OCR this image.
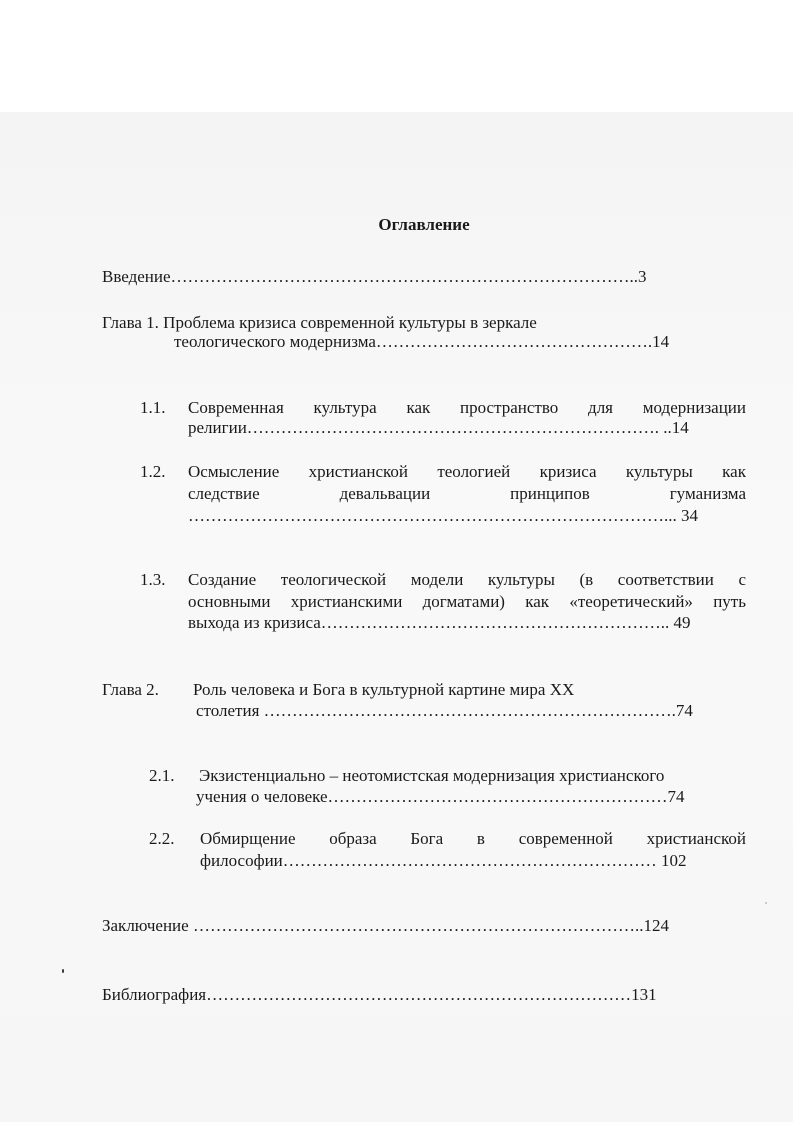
Оглавление

Введение………………………………………………………………………..3

Глава 1. Проблема кризиса современной культуры в зеркале

теологического модернизма………………………………………….14

1.1. Современная культура как пространство для модернизации

религии………………………………………………………………. ..14

1.2. Осмысление христианской теологией кризиса культуры как

следствие девальвации принципов гуманизма

…………………………………………………………………………... 34

1.3. Создание теологической модели культуры (в соответствии с

основными христианскими догматами) как «теоретический» путь

выхода из кризиса…………………………………………………….. 49

Глава 2. Роль человека и Бога в культурной картине мира XX

столетия ……………………………………………………………….74

2.1. Экзистенциально – неотомистская модернизация христианского

учения о человеке……………………………………………………74

2.2. Обмирщение образа Бога в современной христианской

философии………………………………………………………… 102

Заключение ……………………………………………………………………..124

Библиография…………………………………………………………………131
